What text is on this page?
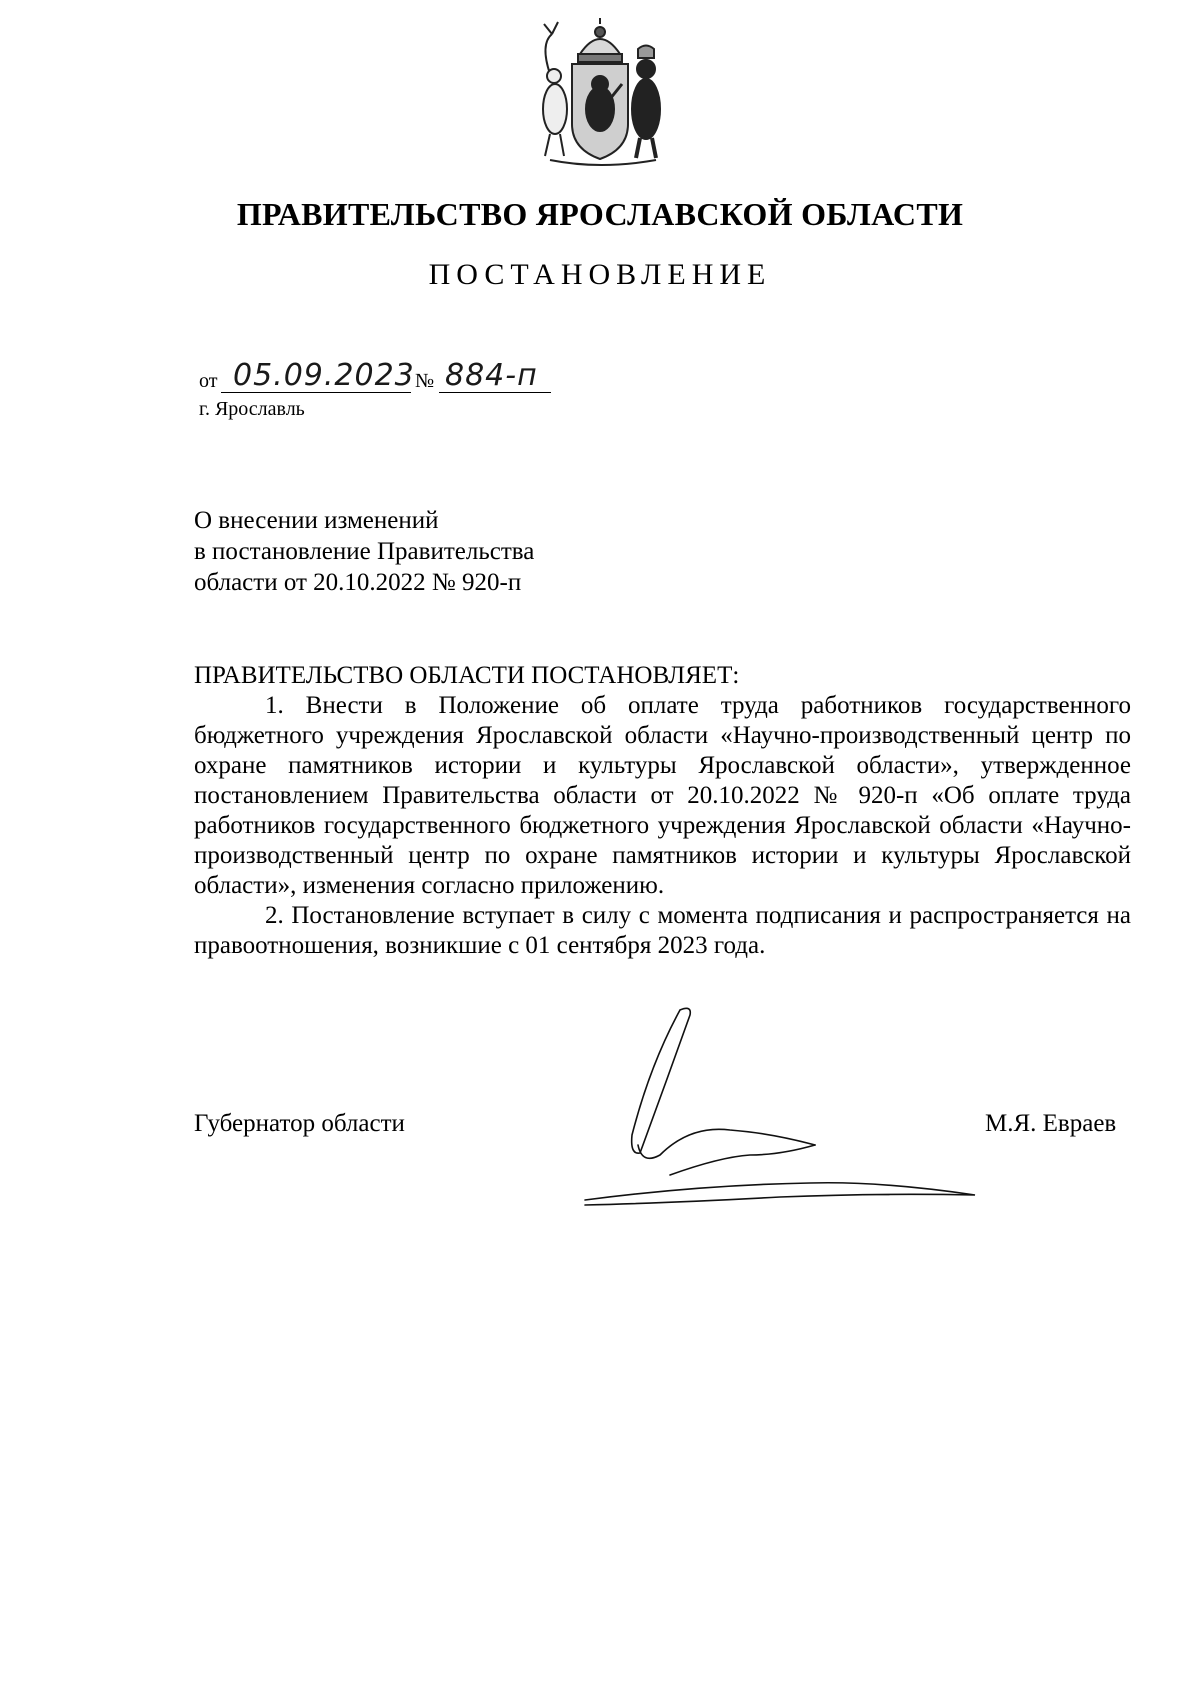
ПРАВИТЕЛЬСТВО ЯРОСЛАВСКОЙ ОБЛАСТИ
ПОСТАНОВЛЕНИЕ
от 05.09.2023 № 884-п
г. Ярославль
О внесении изменений
в постановление Правительства
области от 20.10.2022 № 920-п
ПРАВИТЕЛЬСТВО ОБЛАСТИ ПОСТАНОВЛЯЕТ:

1. Внести в Положение об оплате труда работников государственного бюджетного учреждения Ярославской области «Научно-производственный центр по охране памятников истории и культуры Ярославской области», утвержденное постановлением Правительства области от 20.10.2022 № 920-п «Об оплате труда работников государственного бюджетного учреждения Ярославской области «Научно-производственный центр по охране памятников истории и культуры Ярославской области», изменения согласно приложению.

2. Постановление вступает в силу с момента подписания и распространяется на правоотношения, возникшие с 01 сентября 2023 года.

Губернатор области	М.Я. Евраев
